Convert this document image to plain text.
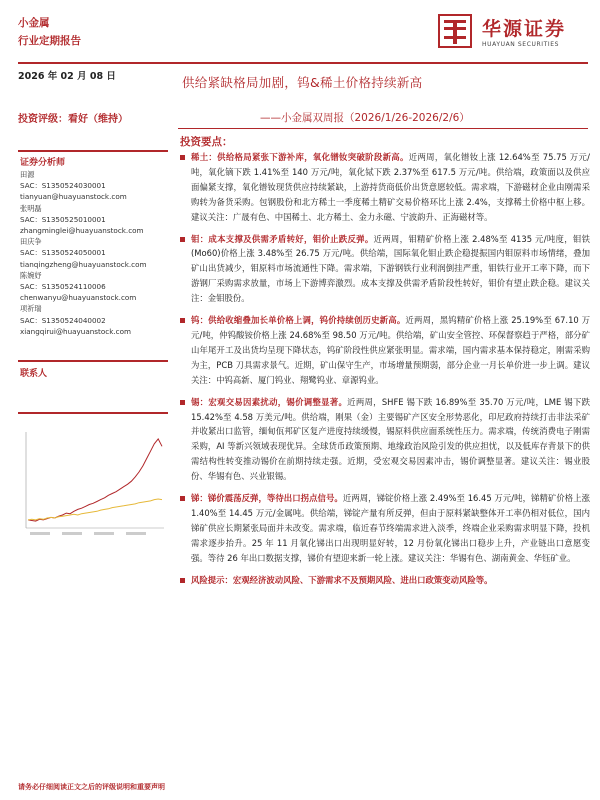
小金属
行业定期报告
华源证券
HUAYUAN SECURITIES
2026 年 02 月 08 日	供给紧缺格局加剧，钨&稀土价格持续新高
投资评级：看好（维持）	——小金属双周报（2026/1/26-2026/2/6）
投资要点：
证券分析师
田源
SAC：S1350524030001
tianyuan@huayuanstock.com
张明磊
SAC：S1350525010001
zhangminglei@huayuanstock.com
田庆争
SAC：S1350524050001
tianqingzheng@huayuanstock.com
陈婉妤
SAC：S1350524110006
chenwanyu@huayuanstock.com
项祈瑞
SAC：S1350524040002
xiangqirui@huayuanstock.com
联系人
稀土：供给格局紧张下游补库，氧化镨钕突破阶段新高。近两周，氧化镨钕上涨 12.64%至 75.75 万元/吨，氧化镝下跌 1.41%至 140 万元/吨，氧化铽下跌 2.37%至 617.5 万元/吨。供给端，政策面以及供应面偏紧支撑，氧化镨钕现货供应持续紧缺，上游持货商低价出货意愿较低。需求端，下游磁材企业由刚需采购转为备货采购。包钢股份和北方稀土一季度稀土精矿交易价格环比上涨 2.4%，支撑稀土价格中枢上移。建议关注：广晟有色、中国稀土、北方稀土、金力永磁、宁波韵升、正海磁材等。
钼：成本支撑及供需矛盾转好，钼价止跌反弹。近两周，钼精矿价格上涨 2.48%至 4135 元/吨度，钼铁(Mo60)价格上涨 3.48%至 26.75 万元/吨。供给端，国际氧化钼止跌企稳提振国内钼原料市场情绪，叠加矿山出货减少，钼原料市场流通性下降。需求端，下游钢铁行业利润倒挂严重，钼铁行业开工率下降，而下游钢厂采购需求放量，市场上下游博弈激烈。成本支撑及供需矛盾阶段性转好，钼价有望止跌企稳。建议关注：金钼股份。
钨：供给收缩叠加长单价格上调，钨价持续创历史新高。近两周，黑钨精矿价格上涨 25.19%至 67.10 万元/吨，仲钨酸铵价格上涨 24.68%至 98.50 万元/吨。供给端，矿山安全管控、环保督察趋于严格，部分矿山年尾开工及出货均呈现下降状态，钨矿阶段性供应紧张明显。需求端，国内需求基本保持稳定，刚需采购为主，PCB 刀具需求景气。近期，矿山保守生产，市场增量预期弱，部分企业一月长单价进一步上调。建议关注：中钨高新、厦门钨业、翔鹭钨业、章源钨业。
锡：宏观交易因素扰动，锡价调整显著。近两周，SHFE 锡下跌 16.89%至 35.70 万元/吨，LME 锡下跌 15.42%至 4.58 万美元/吨。供给端，刚果（金）主要锡矿产区安全形势恶化，印尼政府持续打击非法采矿并收紧出口监管，缅甸佤邦矿区复产进度持续缓慢，锡原料供应面系统性压力。需求端，传统消费电子刚需采购，AI 等新兴领域表现优异。全球货币政策预期、地缘政治风险引发的供应担忧，以及低库存背景下的供需结构性转变推动锡价在前期持续走强。近期，受宏观交易因素冲击，锡价调整显著。建议关注：锡业股份、华锡有色、兴业银锡。
锑：锑价震荡反弹，等待出口拐点信号。近两周，锑锭价格上涨 2.49%至 16.45 万元/吨，锑精矿价格上涨 1.40%至 14.45 万元/金属吨。供给端，锑锭产量有所反弹，但由于原料紧缺整体开工率仍相对低位，国内锑矿供应长期紧张局面并未改变。需求端，临近春节终端需求进入淡季，终端企业采购需求明显下降，投机需求逐步抬升。25 年 11 月氧化锑出口出现明显好转，12 月份氧化锑出口稳步上升，产业链出口意愿变强。等待 26 年出口数据支撑，锑价有望迎来新一轮上涨。建议关注：华锡有色、湖南黄金、华钰矿业。
风险提示：宏观经济波动风险、下游需求不及预期风险、进出口政策变动风险等。
请务必仔细阅读正文之后的评级说明和重要声明
